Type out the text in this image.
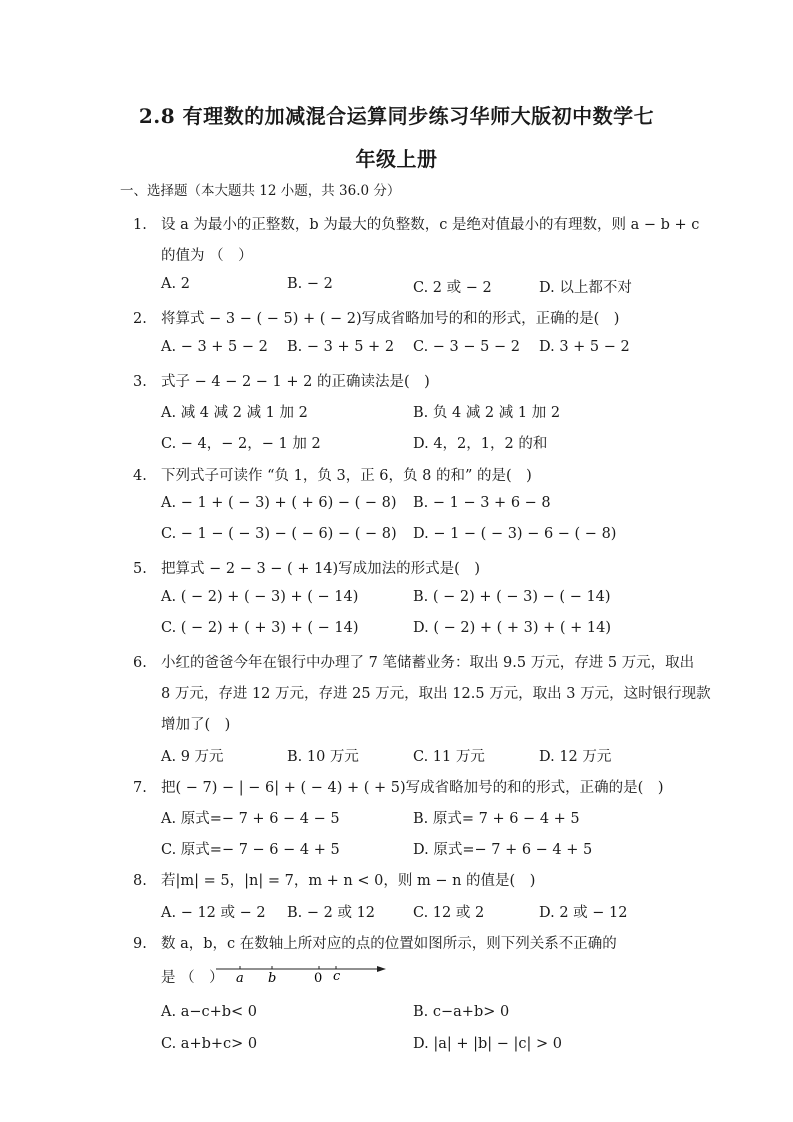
2.8 有理数的加减混合运算同步练习华师大版初中数学七
年级上册
一、选择题（本大题共 12 小题，共 36.0 分）
1. 设 a 为最小的正整数，b 为最大的负整数，c 是绝对值最小的有理数，则 a − b + c
的值为 （　）
A. 2	B. − 2	C. 2 或 − 2	D. 以上都不对
2. 将算式 − 3 − ( − 5) + ( − 2)写成省略加号的和的形式，正确的是(　)
A. − 3 + 5 − 2 B. − 3 + 5 + 2 C. − 3 − 5 − 2 D. 3 + 5 − 2
3. 式子 − 4 − 2 − 1 + 2 的正确读法是(　)
A. 减 4 减 2 减 1 加 2	B. 负 4 减 2 减 1 加 2
C. − 4，− 2，− 1 加 2	D. 4，2，1，2 的和
4. 下列式子可读作 “负 1，负 3，正 6，负 8 的和” 的是(　)
A. − 1 + ( − 3) + ( + 6) − ( − 8) B. − 1 − 3 + 6 − 8
C. − 1 − ( − 3) − ( − 6) − ( − 8) D. − 1 − ( − 3) − 6 − ( − 8)
5. 把算式 − 2 − 3 − ( + 14)写成加法的形式是(　)
A. ( − 2) + ( − 3) + ( − 14)	B. ( − 2) + ( − 3) − ( − 14)
C. ( − 2) + ( + 3) + ( − 14)	D. ( − 2) + ( + 3) + ( + 14)
6. 小红的爸爸今年在银行中办理了 7 笔储蓄业务：取出 9.5 万元，存进 5 万元，取出
8 万元，存进 12 万元，存进 25 万元，取出 12.5 万元，取出 3 万元，这时银行现款
增加了(　)
A. 9 万元	B. 10 万元	C. 11 万元	D. 12 万元
7. 把( − 7) − | − 6| + ( − 4) + ( + 5)写成省略加号的和的形式，正确的是(　)
A. 原式=− 7 + 6 − 4 − 5	B. 原式= 7 + 6 − 4 + 5
C. 原式=− 7 − 6 − 4 + 5	D. 原式=− 7 + 6 − 4 + 5
8. 若|m| = 5，|n| = 7，m + n < 0，则 m − n 的值是(　)
A. − 12 或 − 2 B. − 2 或 12	C. 12 或 2	D. 2 或 − 12
9. 数 a，b，c 在数轴上所对应的点的位置如图所示，则下列关系不正确的
是 （　） a b	0 c
A. a−c+b< 0	B. c−a+b> 0
C. a+b+c> 0	D. |a| + |b| − |c| > 0
